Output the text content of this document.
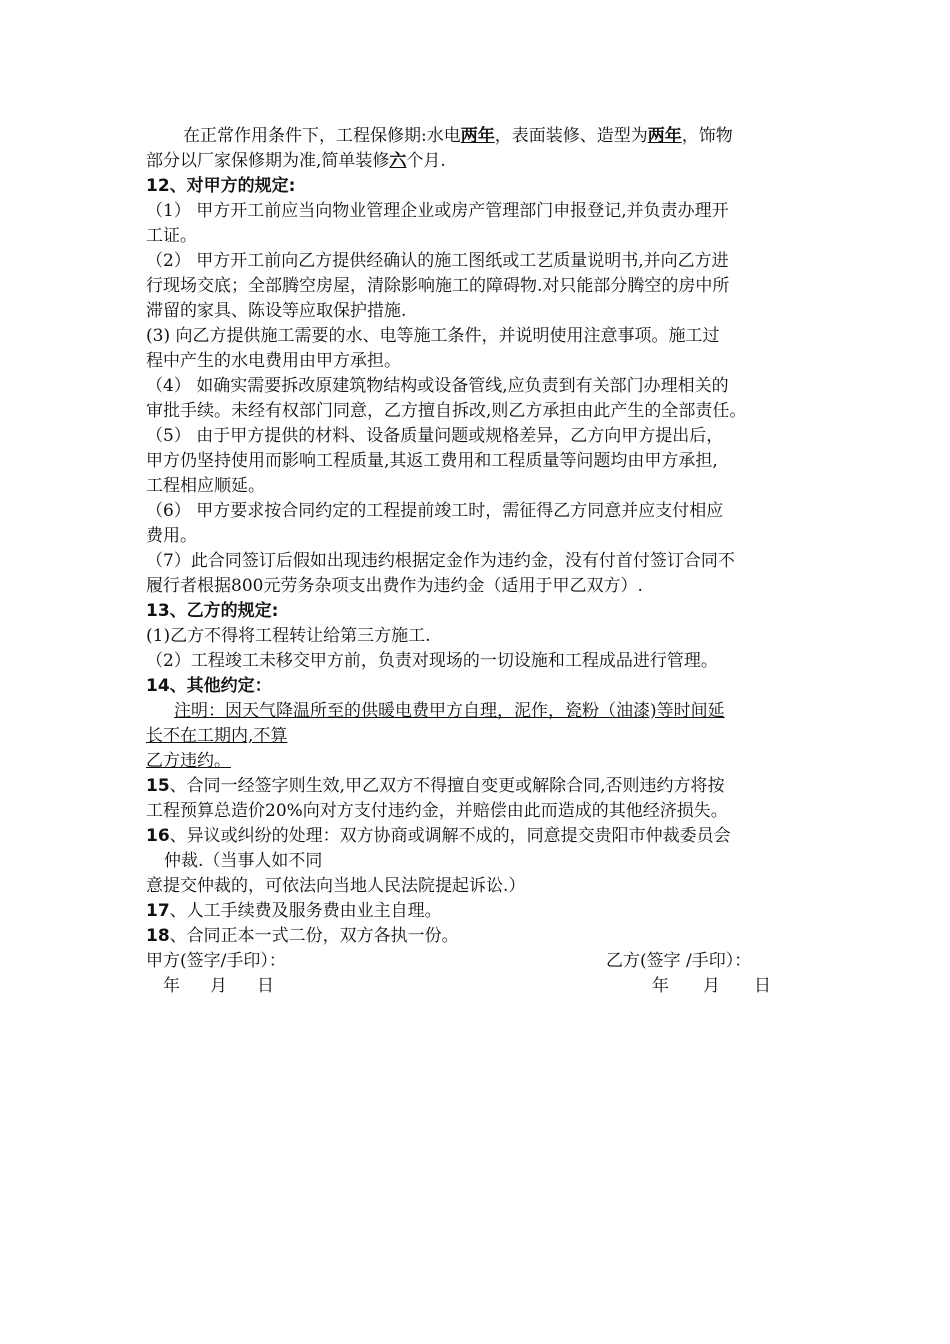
在正常作用条件下，工程保修期:水电两年，表面装修、造型为两年，饰物
部分以厂家保修期为准,简单装修六个月.
12、对甲方的规定:
（1） 甲方开工前应当向物业管理企业或房产管理部门申报登记,并负责办理开
工证。
（2） 甲方开工前向乙方提供经确认的施工图纸或工艺质量说明书,并向乙方进
行现场交底；全部腾空房屋，清除影响施工的障碍物.对只能部分腾空的房中所
滞留的家具、陈设等应取保护措施.
(3) 向乙方提供施工需要的水、电等施工条件，并说明使用注意事项。施工过
程中产生的水电费用由甲方承担。
（4） 如确实需要拆改原建筑物结构或设备管线,应负责到有关部门办理相关的
审批手续。未经有权部门同意，乙方擅自拆改,则乙方承担由此产生的全部责任。
（5） 由于甲方提供的材料、设备质量问题或规格差异，乙方向甲方提出后，
甲方仍坚持使用而影响工程质量,其返工费用和工程质量等问题均由甲方承担,
工程相应顺延。
（6） 甲方要求按合同约定的工程提前竣工时，需征得乙方同意并应支付相应
费用。
（7）此合同签订后假如出现违约根据定金作为违约金，没有付首付签订合同不
履行者根据800元劳务杂项支出费作为违约金（适用于甲乙双方）.
13、乙方的规定:
(1)乙方不得将工程转让给第三方施工.
（2）工程竣工未移交甲方前，负责对现场的一切设施和工程成品进行管理。
14、其他约定：
注明：因天气降温所至的供暖电费甲方自理，泥作，瓷粉（油漆)等时间延
长不在工期内,不算
乙方违约。
15、合同一经签字则生效,甲乙双方不得擅自变更或解除合同,否则违约方将按
工程预算总造价20%向对方支付违约金，并赔偿由此而造成的其他经济损失。
16、异议或纠纷的处理：双方协商或调解不成的，同意提交贵阳市仲裁委员会
仲裁.（当事人如不同
意提交仲裁的，可依法向当地人民法院提起诉讼.）
17、人工手续费及服务费由业主自理。
18、合同正本一式二份，双方各执一份。
甲方(签字/手印）：	乙方(签字 /手印）：
年 月 日	年 月 日
